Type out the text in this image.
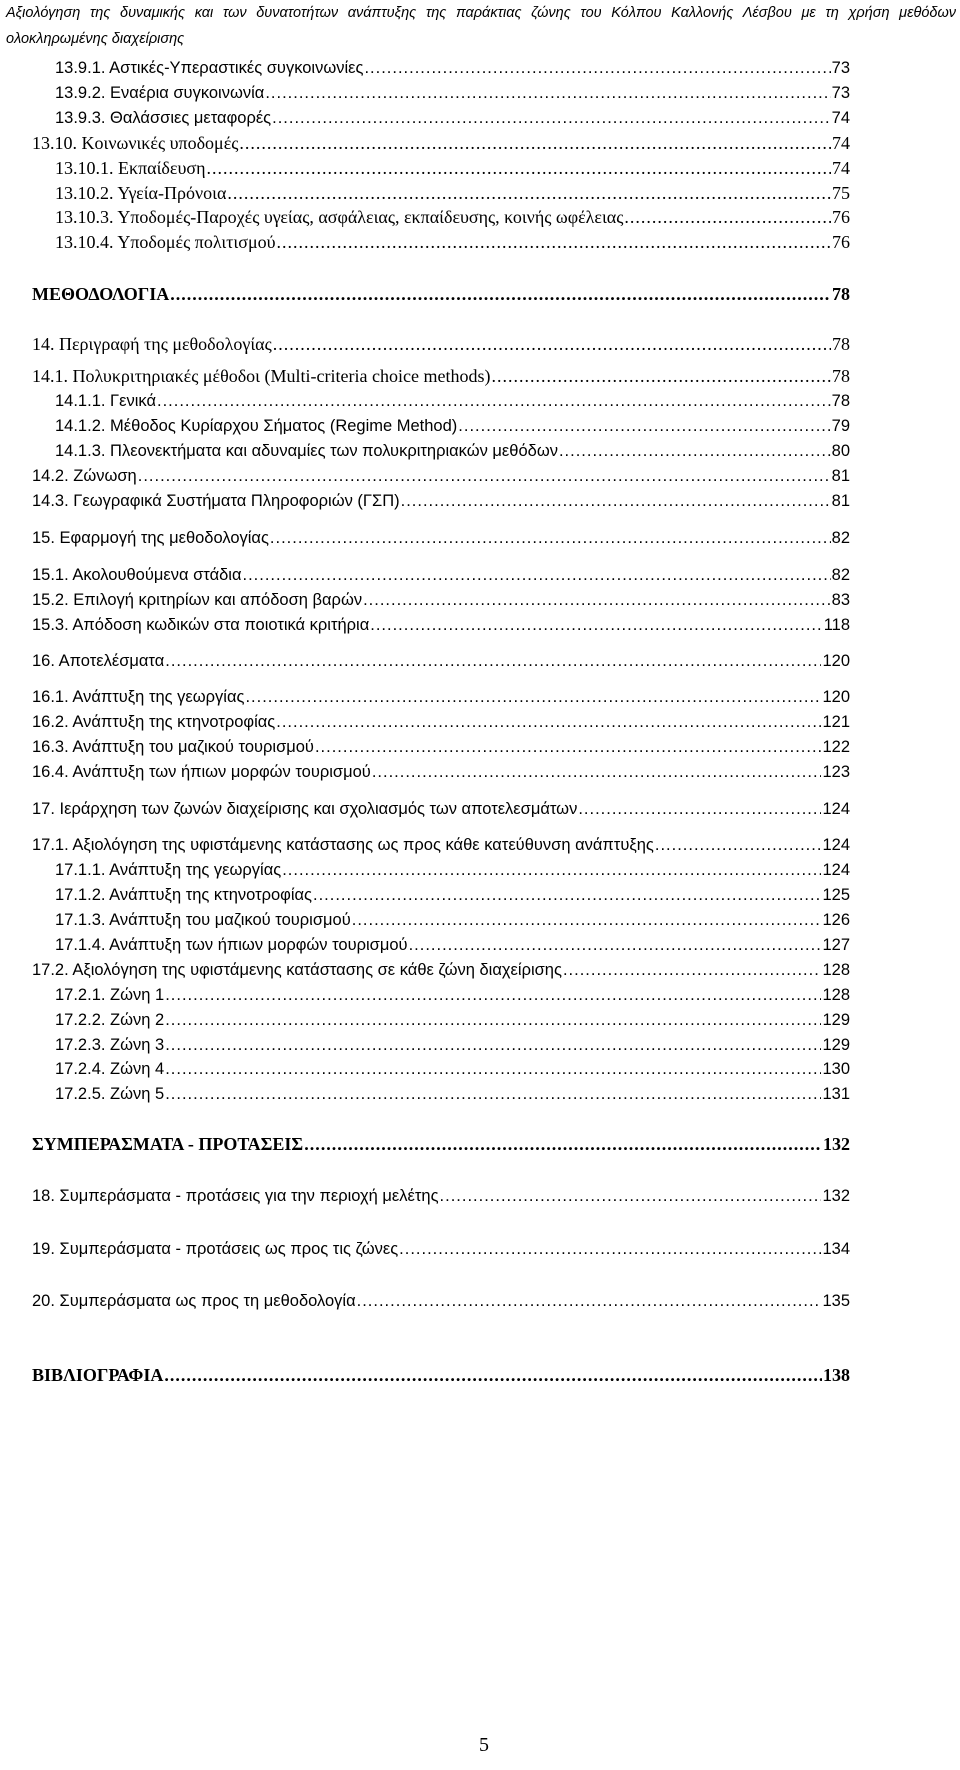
Αξιολόγηση της δυναμικής και των δυνατοτήτων ανάπτυξης της παράκτιας ζώνης του Κόλπου Καλλονής Λέσβου με τη χρήση μεθόδων ολοκληρωμένης διαχείρισης
13.9.1. Αστικές-Υπεραστικές συγκοινωνίες .....	73
13.9.2. Εναέρια συγκοινωνία .....	73
13.9.3. Θαλάσσιες μεταφορές .....	74
13.10. Κοινωνικές υποδομές .....	74
13.10.1. Εκπαίδευση .....	74
13.10.2. Υγεία-Πρόνοια .....	75
13.10.3. Υποδομές-Παροχές υγείας, ασφάλειας, εκπαίδευσης, κοινής ωφέλειας .....	76
13.10.4. Υποδομές πολιτισμού .....	76
ΜΕΘΟΔΟΛΟΓΙΑ .....	78
14. Περιγραφή της μεθοδολογίας .....	78
14.1. Πολυκριτηριακές μέθοδοι (Multi-criteria choice methods) .....	78
14.1.1. Γενικά .....	78
14.1.2. Μέθοδος Κυρίαρχου Σήματος (Regime Method) .....	79
14.1.3. Πλεονεκτήματα και αδυναμίες των πολυκριτηριακών μεθόδων .....	80
14.2. Ζώνωση .....	81
14.3. Γεωγραφικά Συστήματα Πληροφοριών (ΓΣΠ) .....	81
15. Εφαρμογή της μεθοδολογίας .....	82
15.1. Ακολουθούμενα στάδια .....	82
15.2. Επιλογή κριτηρίων και απόδοση βαρών .....	83
15.3. Απόδοση κωδικών στα ποιοτικά κριτήρια .....	118
16. Αποτελέσματα .....	120
16.1. Ανάπτυξη της γεωργίας .....	120
16.2. Ανάπτυξη της κτηνοτροφίας .....	121
16.3. Ανάπτυξη του μαζικού τουρισμού .....	122
16.4. Ανάπτυξη των ήπιων μορφών τουρισμού .....	123
17. Ιεράρχηση των ζωνών διαχείρισης και σχολιασμός των αποτελεσμάτων .....	124
17.1. Αξιολόγηση της υφιστάμενης κατάστασης ως προς κάθε κατεύθυνση ανάπτυξης .....	124
17.1.1. Ανάπτυξη της γεωργίας .....	124
17.1.2. Ανάπτυξη της κτηνοτροφίας .....	125
17.1.3. Ανάπτυξη του μαζικού τουρισμού .....	126
17.1.4. Ανάπτυξη των ήπιων μορφών τουρισμού .....	127
17.2. Αξιολόγηση της υφιστάμενης κατάστασης σε κάθε ζώνη διαχείρισης .....	128
17.2.1. Ζώνη 1 .....	128
17.2.2. Ζώνη 2 .....	129
17.2.3. Ζώνη 3 .....	129
17.2.4. Ζώνη 4 .....	130
17.2.5. Ζώνη 5 .....	131
ΣΥΜΠΕΡΑΣΜΑΤΑ - ΠΡΟΤΑΣΕΙΣ .....	132
18. Συμπεράσματα - προτάσεις για την περιοχή μελέτης .....	132
19. Συμπεράσματα - προτάσεις ως προς τις ζώνες .....	134
20. Συμπεράσματα ως προς τη μεθοδολογία .....	135
ΒΙΒΛΙΟΓΡΑΦΙΑ .....	138
5
